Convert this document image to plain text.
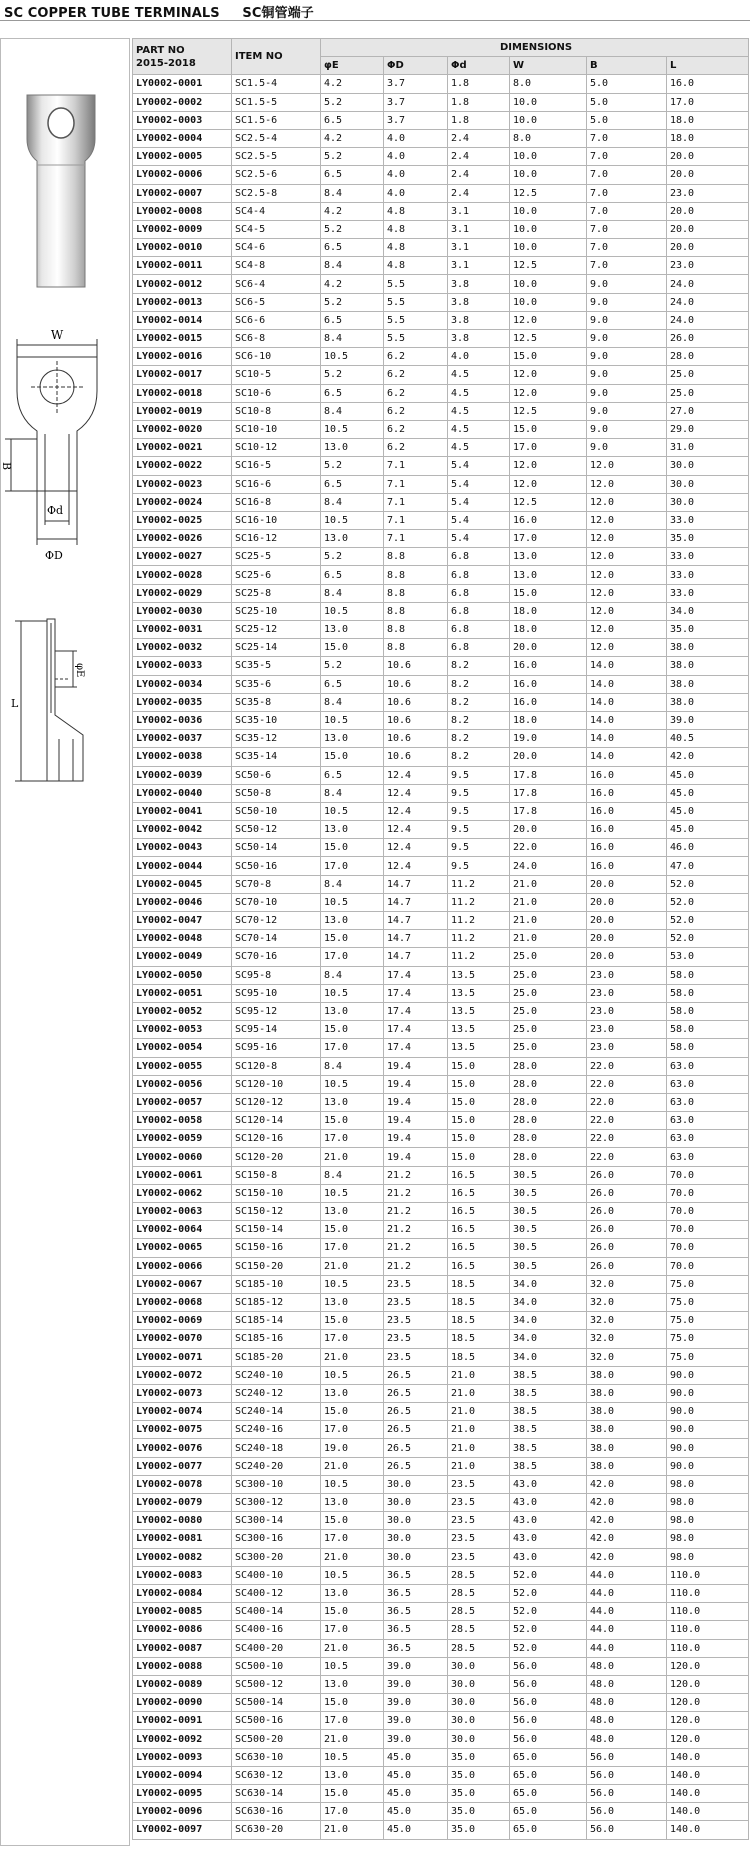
SC COPPER TUBE TERMINALS SC铜管端子
W
B
Φd
ΦD
φE
L
PART NO
2015-2018	ITEM NO	DIMENSIONS					
		φE	ΦD	Φd	W	B	L
LY0002-0001	SC1.5-4	4.2	3.7	1.8	8.0	5.0	16.0
LY0002-0002	SC1.5-5	5.2	3.7	1.8	10.0	5.0	17.0
LY0002-0003	SC1.5-6	6.5	3.7	1.8	10.0	5.0	18.0
LY0002-0004	SC2.5-4	4.2	4.0	2.4	8.0	7.0	18.0
LY0002-0005	SC2.5-5	5.2	4.0	2.4	10.0	7.0	20.0
LY0002-0006	SC2.5-6	6.5	4.0	2.4	10.0	7.0	20.0
LY0002-0007	SC2.5-8	8.4	4.0	2.4	12.5	7.0	23.0
LY0002-0008	SC4-4	4.2	4.8	3.1	10.0	7.0	20.0
LY0002-0009	SC4-5	5.2	4.8	3.1	10.0	7.0	20.0
LY0002-0010	SC4-6	6.5	4.8	3.1	10.0	7.0	20.0
LY0002-0011	SC4-8	8.4	4.8	3.1	12.5	7.0	23.0
LY0002-0012	SC6-4	4.2	5.5	3.8	10.0	9.0	24.0
LY0002-0013	SC6-5	5.2	5.5	3.8	10.0	9.0	24.0
LY0002-0014	SC6-6	6.5	5.5	3.8	12.0	9.0	24.0
LY0002-0015	SC6-8	8.4	5.5	3.8	12.5	9.0	26.0
LY0002-0016	SC6-10	10.5	6.2	4.0	15.0	9.0	28.0
LY0002-0017	SC10-5	5.2	6.2	4.5	12.0	9.0	25.0
LY0002-0018	SC10-6	6.5	6.2	4.5	12.0	9.0	25.0
LY0002-0019	SC10-8	8.4	6.2	4.5	12.5	9.0	27.0
LY0002-0020	SC10-10	10.5	6.2	4.5	15.0	9.0	29.0
LY0002-0021	SC10-12	13.0	6.2	4.5	17.0	9.0	31.0
LY0002-0022	SC16-5	5.2	7.1	5.4	12.0	12.0	30.0
LY0002-0023	SC16-6	6.5	7.1	5.4	12.0	12.0	30.0
LY0002-0024	SC16-8	8.4	7.1	5.4	12.5	12.0	30.0
LY0002-0025	SC16-10	10.5	7.1	5.4	16.0	12.0	33.0
LY0002-0026	SC16-12	13.0	7.1	5.4	17.0	12.0	35.0
LY0002-0027	SC25-5	5.2	8.8	6.8	13.0	12.0	33.0
LY0002-0028	SC25-6	6.5	8.8	6.8	13.0	12.0	33.0
LY0002-0029	SC25-8	8.4	8.8	6.8	15.0	12.0	33.0
LY0002-0030	SC25-10	10.5	8.8	6.8	18.0	12.0	34.0
LY0002-0031	SC25-12	13.0	8.8	6.8	18.0	12.0	35.0
LY0002-0032	SC25-14	15.0	8.8	6.8	20.0	12.0	38.0
LY0002-0033	SC35-5	5.2	10.6	8.2	16.0	14.0	38.0
LY0002-0034	SC35-6	6.5	10.6	8.2	16.0	14.0	38.0
LY0002-0035	SC35-8	8.4	10.6	8.2	16.0	14.0	38.0
LY0002-0036	SC35-10	10.5	10.6	8.2	18.0	14.0	39.0
LY0002-0037	SC35-12	13.0	10.6	8.2	19.0	14.0	40.5
LY0002-0038	SC35-14	15.0	10.6	8.2	20.0	14.0	42.0
LY0002-0039	SC50-6	6.5	12.4	9.5	17.8	16.0	45.0
LY0002-0040	SC50-8	8.4	12.4	9.5	17.8	16.0	45.0
LY0002-0041	SC50-10	10.5	12.4	9.5	17.8	16.0	45.0
LY0002-0042	SC50-12	13.0	12.4	9.5	20.0	16.0	45.0
LY0002-0043	SC50-14	15.0	12.4	9.5	22.0	16.0	46.0
LY0002-0044	SC50-16	17.0	12.4	9.5	24.0	16.0	47.0
LY0002-0045	SC70-8	8.4	14.7	11.2	21.0	20.0	52.0
LY0002-0046	SC70-10	10.5	14.7	11.2	21.0	20.0	52.0
LY0002-0047	SC70-12	13.0	14.7	11.2	21.0	20.0	52.0
LY0002-0048	SC70-14	15.0	14.7	11.2	21.0	20.0	52.0
LY0002-0049	SC70-16	17.0	14.7	11.2	25.0	20.0	53.0
LY0002-0050	SC95-8	8.4	17.4	13.5	25.0	23.0	58.0
LY0002-0051	SC95-10	10.5	17.4	13.5	25.0	23.0	58.0
LY0002-0052	SC95-12	13.0	17.4	13.5	25.0	23.0	58.0
LY0002-0053	SC95-14	15.0	17.4	13.5	25.0	23.0	58.0
LY0002-0054	SC95-16	17.0	17.4	13.5	25.0	23.0	58.0
LY0002-0055	SC120-8	8.4	19.4	15.0	28.0	22.0	63.0
LY0002-0056	SC120-10	10.5	19.4	15.0	28.0	22.0	63.0
LY0002-0057	SC120-12	13.0	19.4	15.0	28.0	22.0	63.0
LY0002-0058	SC120-14	15.0	19.4	15.0	28.0	22.0	63.0
LY0002-0059	SC120-16	17.0	19.4	15.0	28.0	22.0	63.0
LY0002-0060	SC120-20	21.0	19.4	15.0	28.0	22.0	63.0
LY0002-0061	SC150-8	8.4	21.2	16.5	30.5	26.0	70.0
LY0002-0062	SC150-10	10.5	21.2	16.5	30.5	26.0	70.0
LY0002-0063	SC150-12	13.0	21.2	16.5	30.5	26.0	70.0
LY0002-0064	SC150-14	15.0	21.2	16.5	30.5	26.0	70.0
LY0002-0065	SC150-16	17.0	21.2	16.5	30.5	26.0	70.0
LY0002-0066	SC150-20	21.0	21.2	16.5	30.5	26.0	70.0
LY0002-0067	SC185-10	10.5	23.5	18.5	34.0	32.0	75.0
LY0002-0068	SC185-12	13.0	23.5	18.5	34.0	32.0	75.0
LY0002-0069	SC185-14	15.0	23.5	18.5	34.0	32.0	75.0
LY0002-0070	SC185-16	17.0	23.5	18.5	34.0	32.0	75.0
LY0002-0071	SC185-20	21.0	23.5	18.5	34.0	32.0	75.0
LY0002-0072	SC240-10	10.5	26.5	21.0	38.5	38.0	90.0
LY0002-0073	SC240-12	13.0	26.5	21.0	38.5	38.0	90.0
LY0002-0074	SC240-14	15.0	26.5	21.0	38.5	38.0	90.0
LY0002-0075	SC240-16	17.0	26.5	21.0	38.5	38.0	90.0
LY0002-0076	SC240-18	19.0	26.5	21.0	38.5	38.0	90.0
LY0002-0077	SC240-20	21.0	26.5	21.0	38.5	38.0	90.0
LY0002-0078	SC300-10	10.5	30.0	23.5	43.0	42.0	98.0
LY0002-0079	SC300-12	13.0	30.0	23.5	43.0	42.0	98.0
LY0002-0080	SC300-14	15.0	30.0	23.5	43.0	42.0	98.0
LY0002-0081	SC300-16	17.0	30.0	23.5	43.0	42.0	98.0
LY0002-0082	SC300-20	21.0	30.0	23.5	43.0	42.0	98.0
LY0002-0083	SC400-10	10.5	36.5	28.5	52.0	44.0	110.0
LY0002-0084	SC400-12	13.0	36.5	28.5	52.0	44.0	110.0
LY0002-0085	SC400-14	15.0	36.5	28.5	52.0	44.0	110.0
LY0002-0086	SC400-16	17.0	36.5	28.5	52.0	44.0	110.0
LY0002-0087	SC400-20	21.0	36.5	28.5	52.0	44.0	110.0
LY0002-0088	SC500-10	10.5	39.0	30.0	56.0	48.0	120.0
LY0002-0089	SC500-12	13.0	39.0	30.0	56.0	48.0	120.0
LY0002-0090	SC500-14	15.0	39.0	30.0	56.0	48.0	120.0
LY0002-0091	SC500-16	17.0	39.0	30.0	56.0	48.0	120.0
LY0002-0092	SC500-20	21.0	39.0	30.0	56.0	48.0	120.0
LY0002-0093	SC630-10	10.5	45.0	35.0	65.0	56.0	140.0
LY0002-0094	SC630-12	13.0	45.0	35.0	65.0	56.0	140.0
LY0002-0095	SC630-14	15.0	45.0	35.0	65.0	56.0	140.0
LY0002-0096	SC630-16	17.0	45.0	35.0	65.0	56.0	140.0
LY0002-0097	SC630-20	21.0	45.0	35.0	65.0	56.0	140.0
